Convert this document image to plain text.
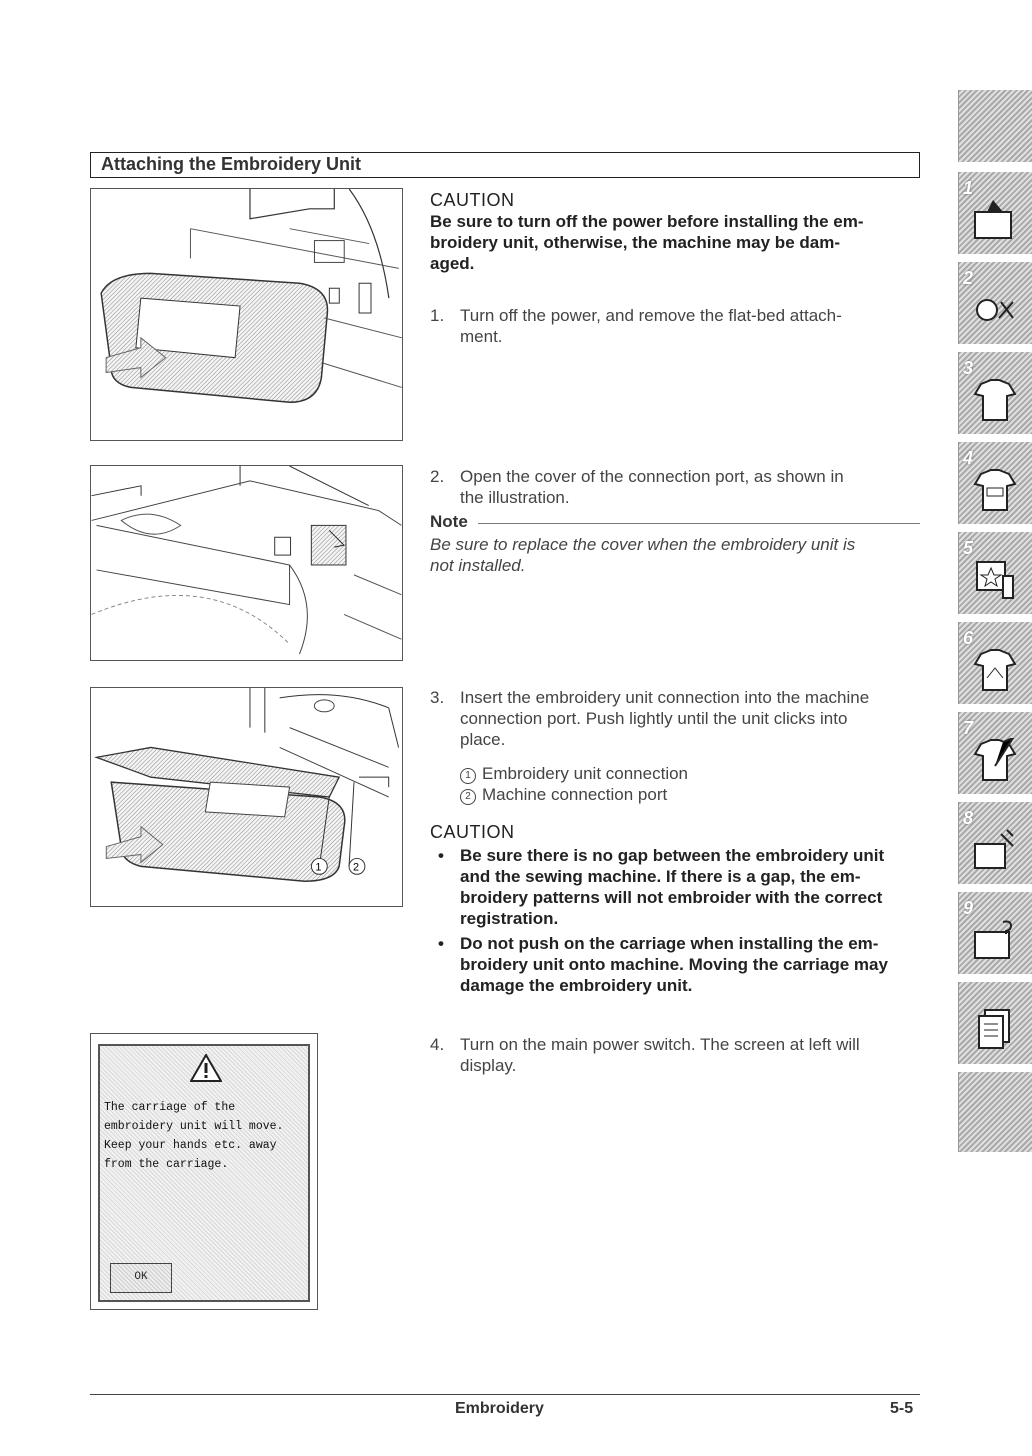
Attaching the Embroidery Unit
1	2
CAUTION
Be sure to turn off the power before installing the em-
broidery unit, otherwise, the machine may be dam-
aged.
1. Turn off the power, and remove the flat-bed attach-
ment.
2. Open the cover of the connection port, as shown in
the illustration.
Note
Be sure to replace the cover when the embroidery unit is
not installed.
3. Insert the embroidery unit connection into the machine
connection port. Push lightly until the unit clicks into
place.
1 Embroidery unit connection
2 Machine connection port
CAUTION
• Be sure there is no gap between the embroidery unit
and the sewing machine. If there is a gap, the em-
broidery patterns will not embroider with the correct
registration.
• Do not push on the carriage when installing the em-
broidery unit onto machine. Moving the carriage may
damage the embroidery unit.
4. Turn on the main power switch. The screen at left will
display.
The carriage of the
embroidery unit will move.
Keep your hands etc. away
from the carriage.
OK
Embroidery	5-5
1
2
3
4
5
6
7
8
9
